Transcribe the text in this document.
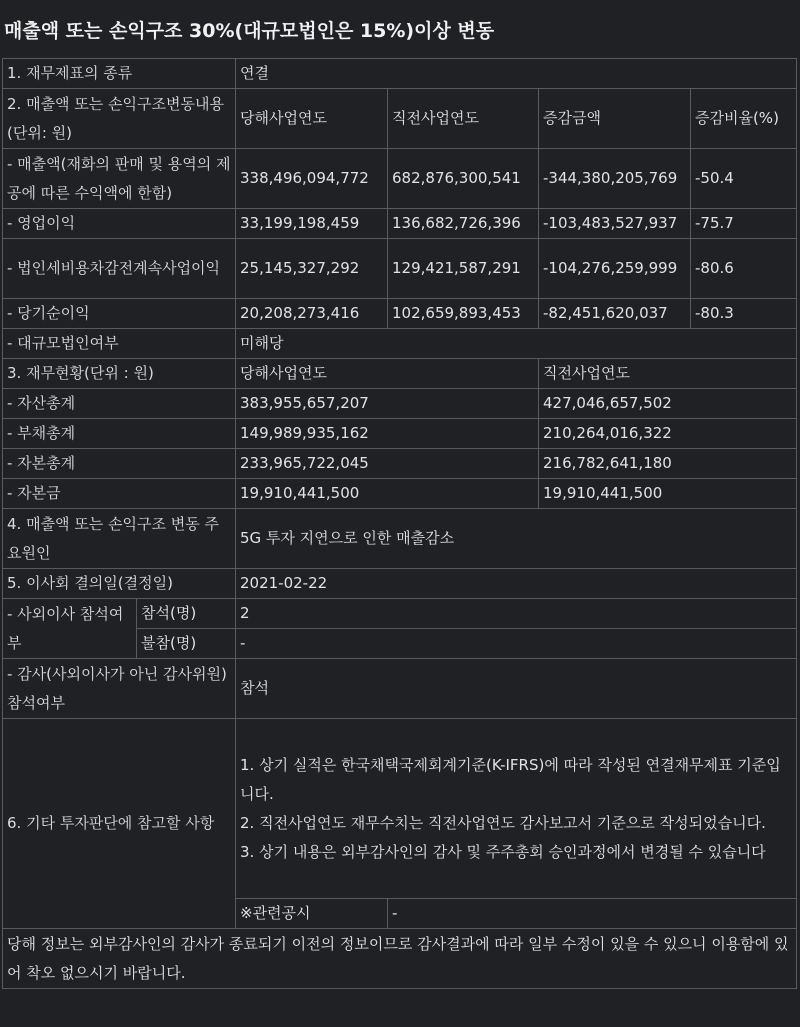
매출액 또는 손익구조 30%(대규모법인은 15%)이상 변동
1. 재무제표의 종류		연결			
2. 매출액 또는 손익구조변동내용(단위: 원)		당해사업연도	직전사업연도	증감금액	증감비율(%)
- 매출액(재화의 판매 및 용역의 제공에 따른 수익액에 한함)		338,496,094,772	682,876,300,541	-344,380,205,769	-50.4
- 영업이익		33,199,198,459	136,682,726,396	-103,483,527,937	-75.7
- 법인세비용차감전계속사업이익		25,145,327,292	129,421,587,291	-104,276,259,999	-80.6
- 당기순이익		20,208,273,416	102,659,893,453	-82,451,620,037	-80.3
- 대규모법인여부		미해당			
3. 재무현황(단위 : 원)		당해사업연도		직전사업연도	
- 자산총계		383,955,657,207		427,046,657,502	
- 부채총계		149,989,935,162		210,264,016,322	
- 자본총계		233,965,722,045		216,782,641,180	
- 자본금		19,910,441,500		19,910,441,500	
4. 매출액 또는 손익구조 변동 주요원인		5G 투자 지연으로 인한 매출감소			
5. 이사회 결의일(결정일)		2021-02-22			
- 사외이사 참석여부	참석(명)	2			
	불참(명)	-			
- 감사(사외이사가 아닌 감사위원)참석여부		참석			
6. 기타 투자판단에 참고할 사항		1. 상기 실적은 한국채택국제회계기준(K-IFRS)에 따라 작성된 연결재무제표 기준입니다.
2. 직전사업연도 재무수치는 직전사업연도 감사보고서 기준으로 작성되었습니다.
3. 상기 내용은 외부감사인의 감사 및 주주총회 승인과정에서 변경될 수 있습니다			

		※관련공시	-		
당해 정보는 외부감사인의 감사가 종료되기 이전의 정보이므로 감사결과에 따라 일부 수정이 있을 수 있으니 이용함에 있어 착오 없으시기 바랍니다.					
